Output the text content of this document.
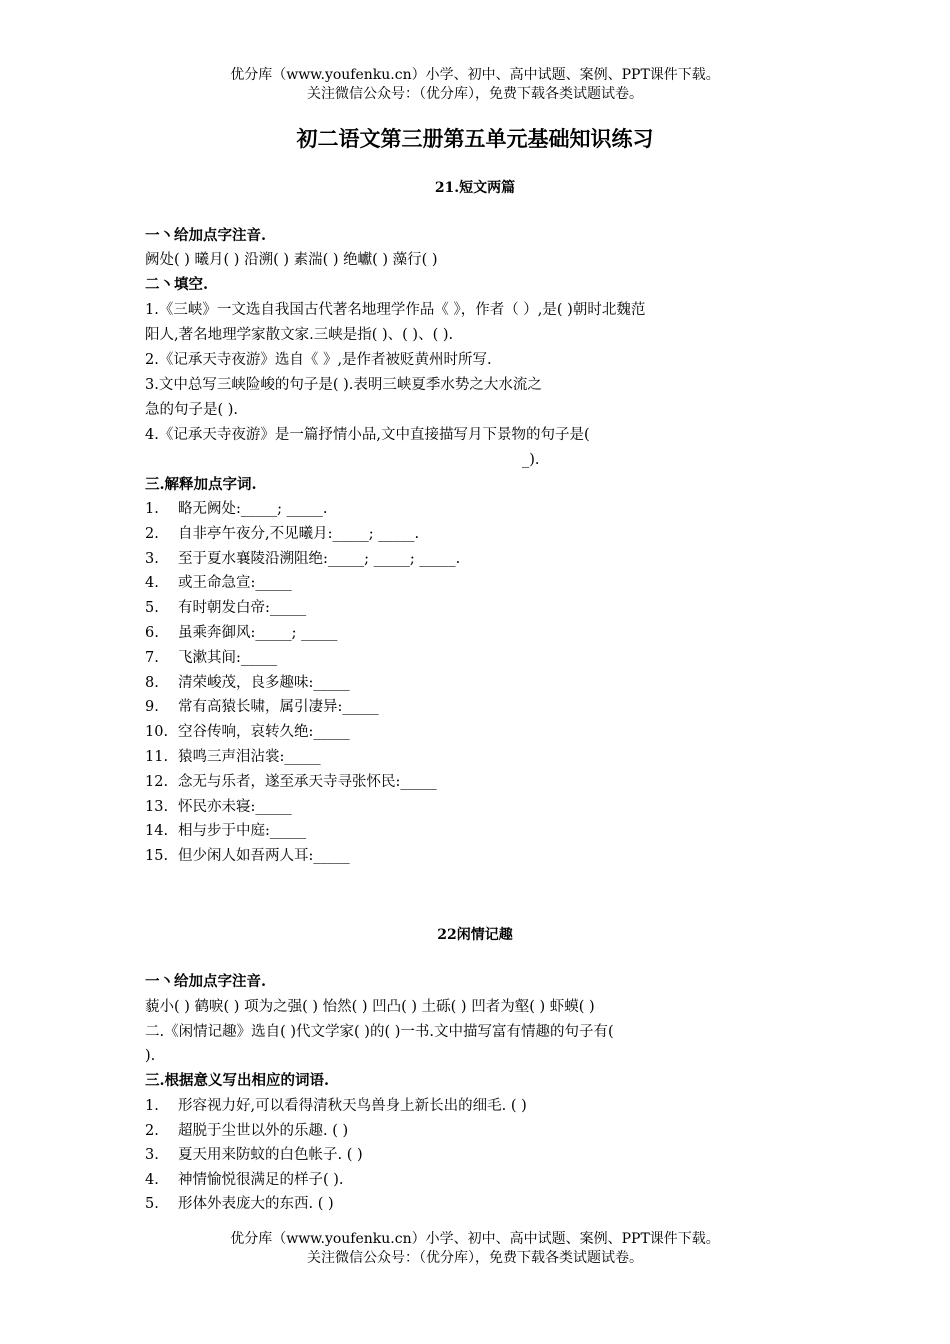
优分库（www.youfenku.cn）小学、初中、高中试题、案例、PPT课件下载。
关注微信公众号：（优分库），免费下载各类试题试卷。
初二语文第三册第五单元基础知识练习
21.短文两篇
一丶给加点字注音.
阙处( ) 曦月( ) 沿溯( ) 素湍( ) 绝巘( ) 藻行( )
二丶填空.
1.《三峡》一文选自我国古代著名地理学作品《 》，作者（ ）,是( )朝时北魏范
阳人,著名地理学家散文家.三峡是指( )、( )、( ).
2.《记承天寺夜游》选自《 》,是作者被贬黄州时所写.
3.文中总写三峡险峻的句子是( ).表明三峡夏季水势之大水流之
急的句子是( ).
4.《记承天寺夜游》是一篇抒情小品,文中直接描写月下景物的句子是(
_).
三.解释加点字词.
1. 略无阙处:_____; _____.
2. 自非亭午夜分,不见曦月:_____; _____.
3. 至于夏水襄陵沿溯阻绝:_____; _____; _____.
4. 或王命急宣:_____
5. 有时朝发白帝:_____
6. 虽乘奔御风:_____; _____
7. 飞漱其间:_____
8. 清荣峻茂，良多趣味:_____
9. 常有高猿长啸，属引凄异:_____
10. 空谷传响，哀转久绝:_____
11. 猿鸣三声泪沾裳:_____
12. 念无与乐者，遂至承天寺寻张怀民:_____
13. 怀民亦未寝:_____
14. 相与步于中庭:_____
15. 但少闲人如吾两人耳:_____
22闲情记趣
一丶给加点字注音.
藐小( ) 鹤唳( ) 项为之强( ) 怡然( ) 凹凸( ) 土砾( ) 凹者为壑( ) 虾蟆( )
二.《闲情记趣》选自( )代文学家( )的( )一书.文中描写富有情趣的句子有(
).
三.根据意义写出相应的词语.
1. 形容视力好,可以看得清秋天鸟兽身上新长出的细毛. ( )
2. 超脱于尘世以外的乐趣. ( )
3. 夏天用来防蚊的白色帐子. ( )
4. 神情愉悦很满足的样子( ).
5. 形体外表庞大的东西. ( )
优分库（www.youfenku.cn）小学、初中、高中试题、案例、PPT课件下载。
关注微信公众号：（优分库），免费下载各类试题试卷。
